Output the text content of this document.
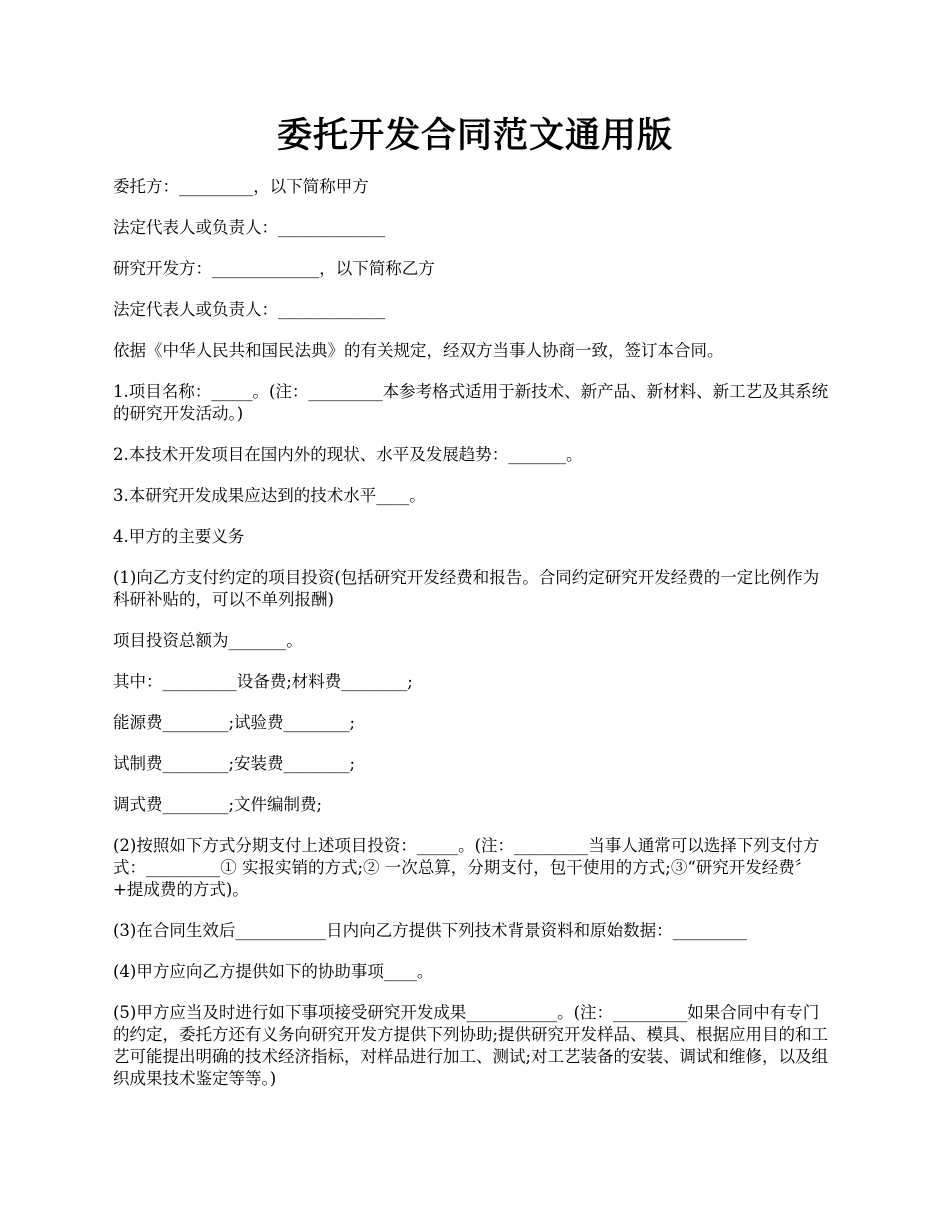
委托开发合同范文通用版

委托方：_________，以下简称甲方

法定代表人或负责人：_____________

研究开发方：_____________，以下简称乙方

法定代表人或负责人：_____________

依据《中华人民共和国民法典》的有关规定，经双方当事人协商一致，签订本合同。

1.项目名称：_____。(注：_________本参考格式适用于新技术、新产品、新材料、新工艺及其系统的研究开发活动。)

2.本技术开发项目在国内外的现状、水平及发展趋势：_______。

3.本研究开发成果应达到的技术水平____。

4.甲方的主要义务

(1)向乙方支付约定的项目投资(包括研究开发经费和报告。合同约定研究开发经费的一定比例作为科研补贴的，可以不单列报酬)

项目投资总额为_______。

其中：_________设备费;材料费________;

能源费________;试验费________;

试制费________;安装费________;

调式费________;文件编制费;

(2)按照如下方式分期支付上述项目投资：_____。(注：_________当事人通常可以选择下列支付方式：_________① 实报实销的方式;② 一次总算，分期支付，包干使用的方式;③“研究开发经费〞+提成费的方式)。

(3)在合同生效后___________日内向乙方提供下列技术背景资料和原始数据：_________

(4)甲方应向乙方提供如下的协助事项____。

(5)甲方应当及时进行如下事项接受研究开发成果___________。(注：_________如果合同中有专门的约定，委托方还有义务向研究开发方提供下列协助;提供研究开发样品、模具、根据应用目的和工艺可能提出明确的技术经济指标，对样品进行加工、测试;对工艺装备的安装、调试和维修，以及组织成果技术鉴定等等。)
